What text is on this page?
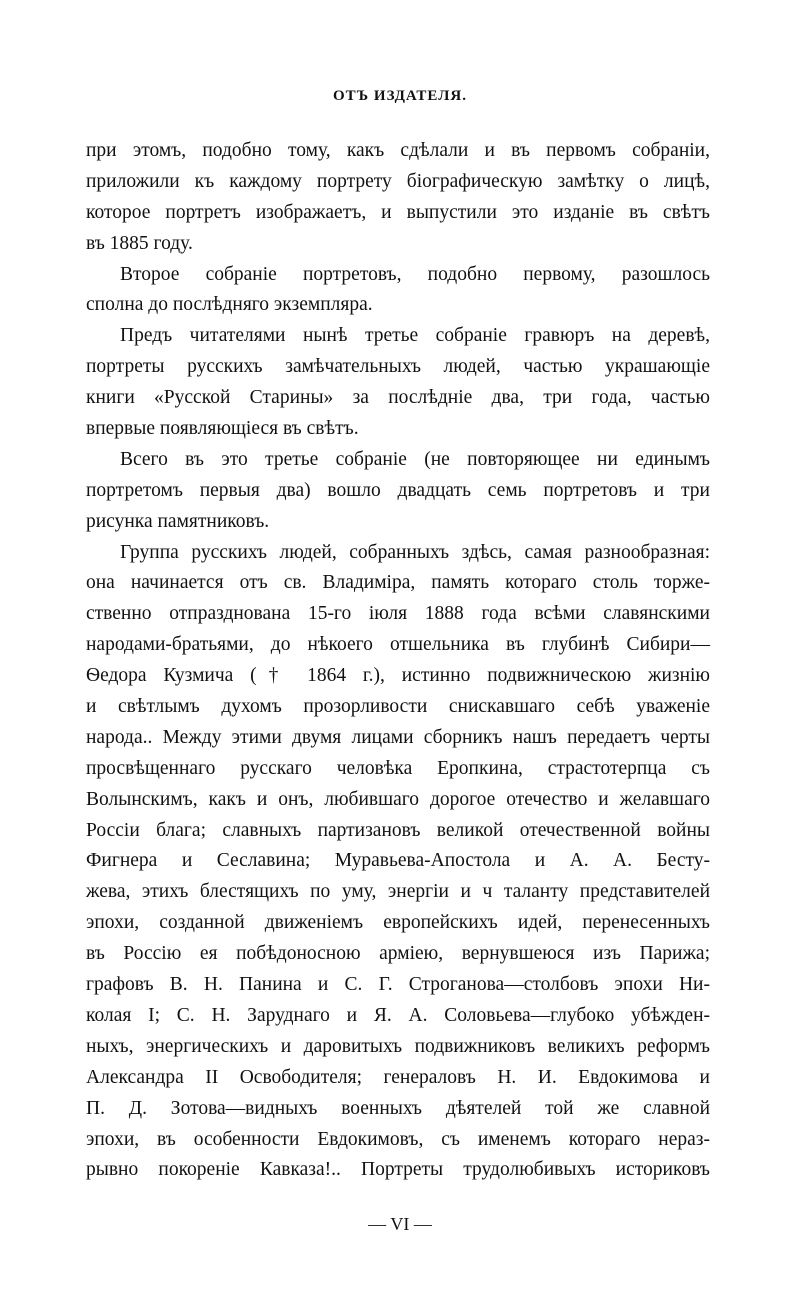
ОТЪ ИЗДАТЕЛЯ.
при этомъ, подобно тому, какъ сдѣлали и въ первомъ собраніи,
приложили къ каждому портрету біографическую замѣтку о лицѣ,
которое портретъ изображаетъ, и выпустили это изданіе въ свѣтъ
въ 1885 году.
Второе собраніе портретовъ, подобно первому, разошлось
сполна до послѣдняго экземпляра.
Предъ читателями нынѣ третье собраніе гравюръ на деревѣ,
портреты русскихъ замѣчательныхъ людей, частью украшающіе
книги «Русской Старины» за послѣдніе два, три года, частью
впервые появляющіеся въ свѣтъ.
Всего въ это третье собраніе (не повторяющее ни единымъ
портретомъ первыя два) вошло двадцать семь портретовъ и три
рисунка памятниковъ.
Группа русскихъ людей, собранныхъ здѣсь, самая разнообразная:
она начинается отъ св. Владиміра, память котораго столь торже-
ственно отпразднована 15-го іюля 1888 года всѣми славянскими
народами-братьями, до нѣкоего отшельника въ глубинѣ Сибири—
Ѳедора Кузмича († 1864 г.), истинно подвижническою жизнію
и свѣтлымъ духомъ прозорливости снискавшаго себѣ уваженіе
народа.. Между этими двумя лицами сборникъ нашъ передаетъ черты
просвѣщеннаго русскаго человѣка Еропкина, страстотерпца съ
Волынскимъ, какъ и онъ, любившаго дорогое отечество и желавшаго
Россіи блага; славныхъ партизановъ великой отечественной войны
Фигнера и Сеславина; Муравьева-Апостола и А. А. Бесту-
жева, этихъ блестящихъ по уму, энергіи и ч таланту представителей
эпохи, созданной движеніемъ европейскихъ идей, перенесенныхъ
въ Россію ея побѣдоносною арміею, вернувшеюся изъ Парижа;
графовъ В. Н. Панина и С. Г. Строганова—столбовъ эпохи Ни-
колая I; С. Н. Заруднаго и Я. А. Соловьева—глубоко убѣжден-
ныхъ, энергическихъ и даровитыхъ подвижниковъ великихъ реформъ
Александра II Освободителя; генераловъ Н. И. Евдокимова и
П. Д. Зотова—видныхъ военныхъ дѣятелей той же славной
эпохи, въ особенности Евдокимовъ, съ именемъ котораго нераз-
рывно покореніе Кавказа!.. Портреты трудолюбивыхъ историковъ
— VI —
